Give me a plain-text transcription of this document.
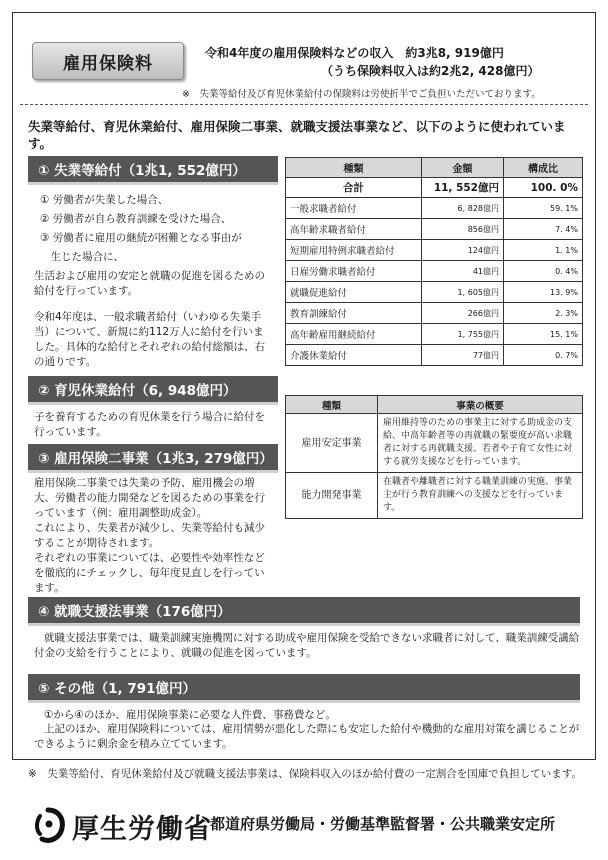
雇用保険料
令和4年度の雇用保険料などの収入　約3兆8, 919億円
（うち保険料収入は約2兆2, 428億円）
※　失業等給付及び育児休業給付の保険料は労使折半でご負担いただいております。
失業等給付、育児休業給付、雇用保険二事業、就職支援法事業など、以下のように使われています。
① 失業等給付（1兆1, 552億円）
① 労働者が失業した場合、
② 労働者が自ら教育訓練を受けた場合、
③ 労働者に雇用の継続が困難となる事由が
　生じた場合に、
生活および雇用の安定と就職の促進を図るための給付を行っています。
令和4年度は、一般求職者給付（いわゆる失業手当）について、新規に約112万人に給付を行いました。具体的な給付とそれぞれの給付総額は、右の通りです。
種類	金額	構成比
合計	11, 552億円	100. 0%
一般求職者給付	6, 828億円	59. 1%
高年齢求職者給付	856億円	7. 4%
短期雇用特例求職者給付	124億円	1. 1%
日雇労働求職者給付	41億円	0. 4%
就職促進給付	1, 605億円	13. 9%
教育訓練給付	266億円	2. 3%
高年齢雇用継続給付	1, 755億円	15. 1%
介護休業給付	77億円	0. 7%
② 育児休業給付（6, 948億円）
子を養育するための育児休業を行う場合に給付を行っています。
③ 雇用保険二事業（1兆3, 279億円）
雇用保険二事業では失業の予防、雇用機会の増大、労働者の能力開発などを図るための事業を行っています（例：雇用調整助成金）。
これにより、失業者が減少し、失業等給付も減少することが期待されます。
それぞれの事業については、必要性や効率性などを徹底的にチェックし、毎年度見直しを行っています。
種類	事業の概要
雇用安定事業	雇用維持等のための事業主に対する助成金の支給、中高年齢者等の再就職の緊要度が高い求職者に対する再就職支援、若者や子育て女性に対する就労支援などを行っています。
能力開発事業	在職者や離職者に対する職業訓練の実施、事業主が行う教育訓練への支援などを行っています。
④ 就職支援法事業（176億円）
就職支援法事業では、職業訓練実施機関に対する助成や雇用保険を受給できない求職者に対して、職業訓練受講給付金の支給を行うことにより、就職の促進を図っています。
⑤ その他（1, 791億円）
①から④のほか、雇用保険事業に必要な人件費、事務費など。
上記のほか、雇用保険料については、雇用情勢が悪化した際にも安定した給付や機動的な雇用対策を講じることができるように剰余金を積み立てています。
※　失業等給付、育児休業給付及び就職支援法事業は、保険料収入のほか給付費の一定割合を国庫で負担しています。
厚生労働省
都道府県労働局・労働基準監督署・公共職業安定所
